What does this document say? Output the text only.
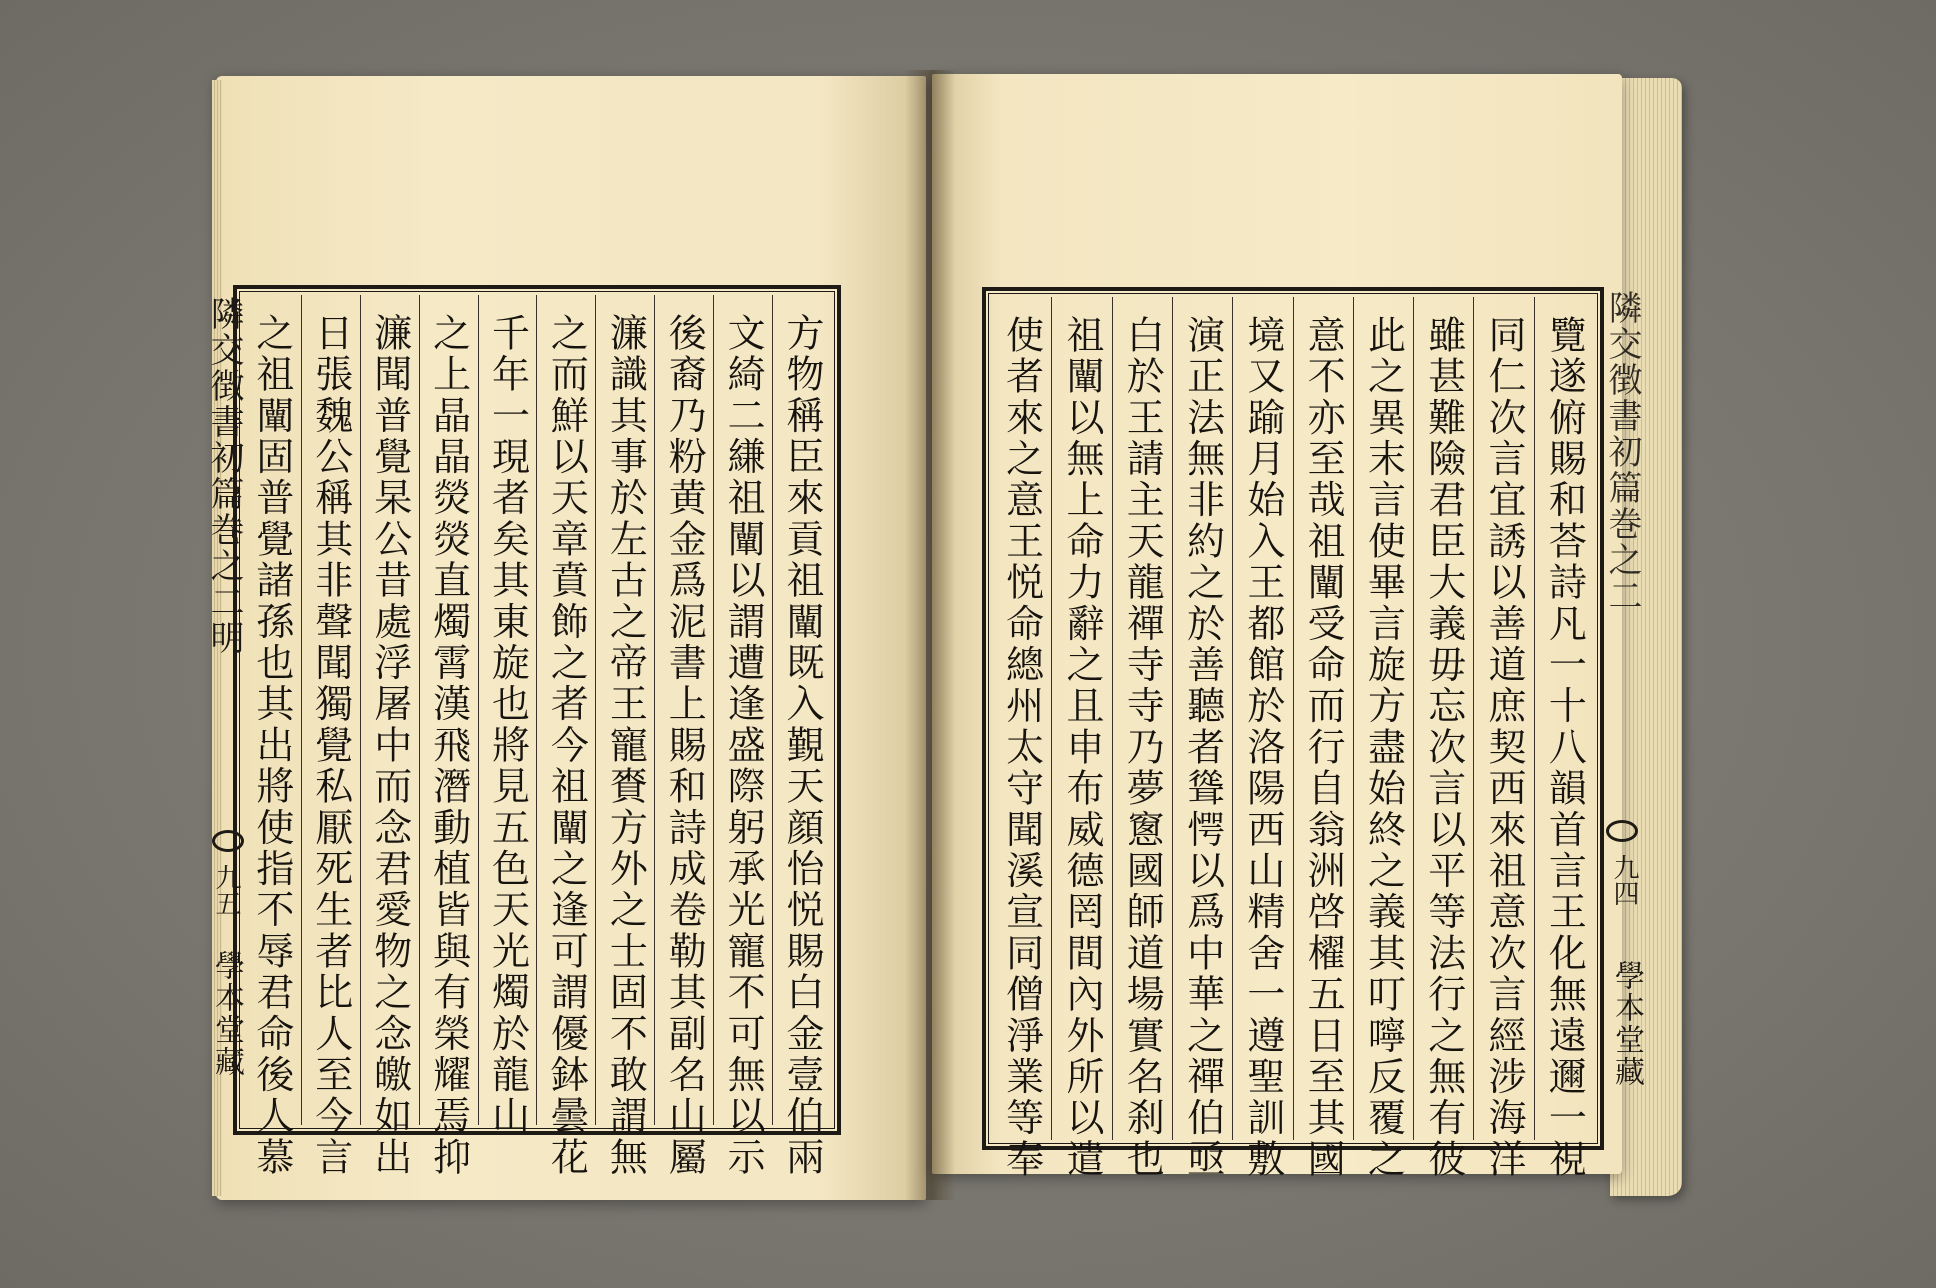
方物稱臣來貢祖闡既入覲天顔怡悦賜白金壹伯兩
文綺二縑祖闡以謂遭逢盛際躬承光寵不可無以示
後裔乃粉黄金爲泥書上賜和詩成卷勒其副名山屬
濂識其事於左古之帝王寵賚方外之士固不敢謂無
之而鮮以天章賁飾之者今祖闡之逢可謂優鉢曇花
千年一現者矣其東旋也將見五色天光燭於龍山
之上晶晶熒熒直燭霄漢飛潛動植皆與有榮耀焉抑
濂聞普覺杲公昔處浮屠中而念君愛物之念皦如出
日張魏公稱其非聲聞獨覺私厭死生者比人至今言
之祖闡固普覺諸孫也其出將使指不辱君命後人慕
隣交徴書初篇巻之二明
九五
學本堂藏	覽遂俯賜和荅詩凡一十八韻首言王化無遠邇一視
同仁次言宜誘以善道庶契西來祖意次言經涉海洋
雖甚難險君臣大義毋忘次言以平等法行之無有彼
此之異末言使畢言旋方盡始終之義其叮嚀反覆之
意不亦至哉祖闡受命而行自翁洲啓櫂五日至其國
境又踰月始入王都館於洛陽西山精舍一遵聖訓敷
演正法無非約之於善聽者聳愕以爲中華之禪伯亟
白於王請主天龍禪寺寺乃夢窻國師道場實名刹也
祖闡以無上命力辭之且申布威德罔間內外所以遣
使者來之意王悦命總州太守聞溪宣同僧淨業等奉	隣交徴書初篇巻之二
九四
學本堂藏
